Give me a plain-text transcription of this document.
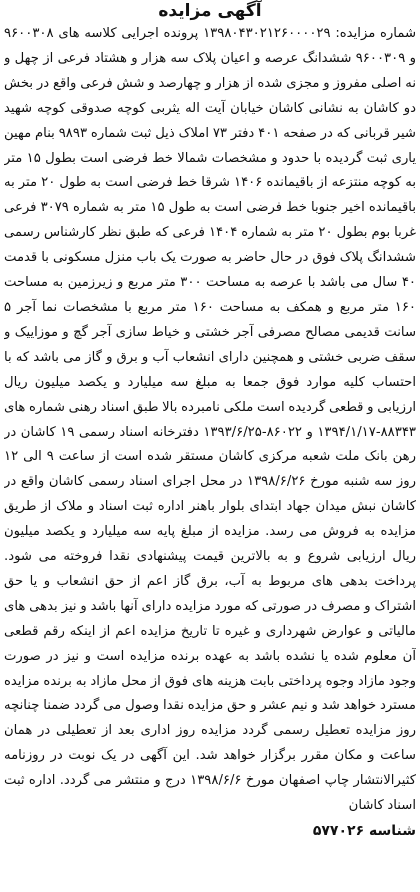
آگهی مزایده

شماره مزایده: ۱۳۹۸۰۴۳۰۲۱۲۶۰۰۰۰۲۹ پرونده اجرایی کلاسه های ۹۶۰۰۳۰۸ و ۹۶۰۰۳۰۹ ششدانگ عرصه و اعیان پلاک سه هزار و هشتاد فرعی از چهل و نه اصلی مفروز و مجزی شده از هزار و چهارصد و شش فرعی واقع در بخش دو کاشان به نشانی کاشان خیابان آیت اله یثربی کوچه صدوقی کوچه شهید شیر قربانی که در صفحه ۴۰۱ دفتر ۷۳ املاک ذیل ثبت شماره ۹۸۹۳ بنام مهین یاری ثبت گردیده با حدود و مشخصات شمالا خط فرضی است بطول ۱۵ متر به کوچه منتزعه از باقیمانده ۱۴۰۶ شرقا خط فرضی است به طول ۲۰ متر به باقیمانده اخیر جنوبا خط فرضی است به طول ۱۵ متر به شماره ۳۰۷۹ فرعی غربا بوم بطول ۲۰ متر به شماره ۱۴۰۴ فرعی که طبق نظر کارشناس رسمی ششدانگ پلاک فوق در حال حاضر به صورت یک باب منزل مسکونی با قدمت ۴۰ سال می باشد با عرصه به مساحت ۳۰۰ متر مربع و زیرزمین به مساحت ۱۶۰ متر مربع و همکف به مساحت ۱۶۰ متر مربع با مشخصات نما آجر ۵ سانت قدیمی مصالح مصرفی آجر خشتی و خیاط سازی آجر گچ و موزاییک و سقف ضربی خشتی و همچنین دارای انشعاب آب و برق و گاز می باشد که با احتساب کلیه موارد فوق جمعا به مبلغ سه میلیارد و یکصد میلیون ریال ارزیابی و قطعی گردیده است ملکی نامبرده بالا طبق اسناد رهنی شماره های ۸۸۳۴۳-۱۳۹۴/۱/۱۷ و ۸۶۰۲۲-۱۳۹۳/۶/۲۵ دفترخانه اسناد رسمی ۱۹ کاشان در رهن بانک ملت شعبه مرکزی کاشان مستقر شده است از ساعت ۹ الی ۱۲ روز سه شنبه مورخ ۱۳۹۸/۶/۲۶ در محل اجرای اسناد رسمی کاشان واقع در کاشان نبش میدان جهاد ابتدای بلوار باهنر اداره ثبت اسناد و ملاک از طریق مزایده به فروش می رسد. مزایده از مبلغ پایه سه میلیارد و یکصد میلیون ریال ارزیابی شروع و به بالاترین قیمت پیشنهادی نقدا فروخته می شود. پرداخت بدهی های مربوط به آب، برق گاز اعم از حق انشعاب و یا حق اشتراک و مصرف در صورتی که مورد مزایده دارای آنها باشد و نیز بدهی های مالیاتی و عوارض شهرداری و غیره تا تاریخ مزایده اعم از اینکه رقم قطعی آن معلوم شده یا نشده باشد به عهده برنده مزایده است و نیز در صورت وجود مازاد وجوه پرداختی بابت هزینه های فوق از محل مازاد به برنده مزایده مسترد خواهد شد و نیم عشر و حق مزایده نقدا وصول می گردد ضمنا چنانچه روز مزایده تعطیل رسمی گردد مزایده روز اداری بعد از تعطیلی در همان ساعت و مکان مقرر برگزار خواهد شد. این آگهی در یک نوبت در روزنامه کثیرالانتشار چاپ اصفهان مورخ ۱۳۹۸/۶/۶ درج و منتشر می گردد. اداره ثبت اسناد کاشان

شناسه ۵۷۷۰۲۶
